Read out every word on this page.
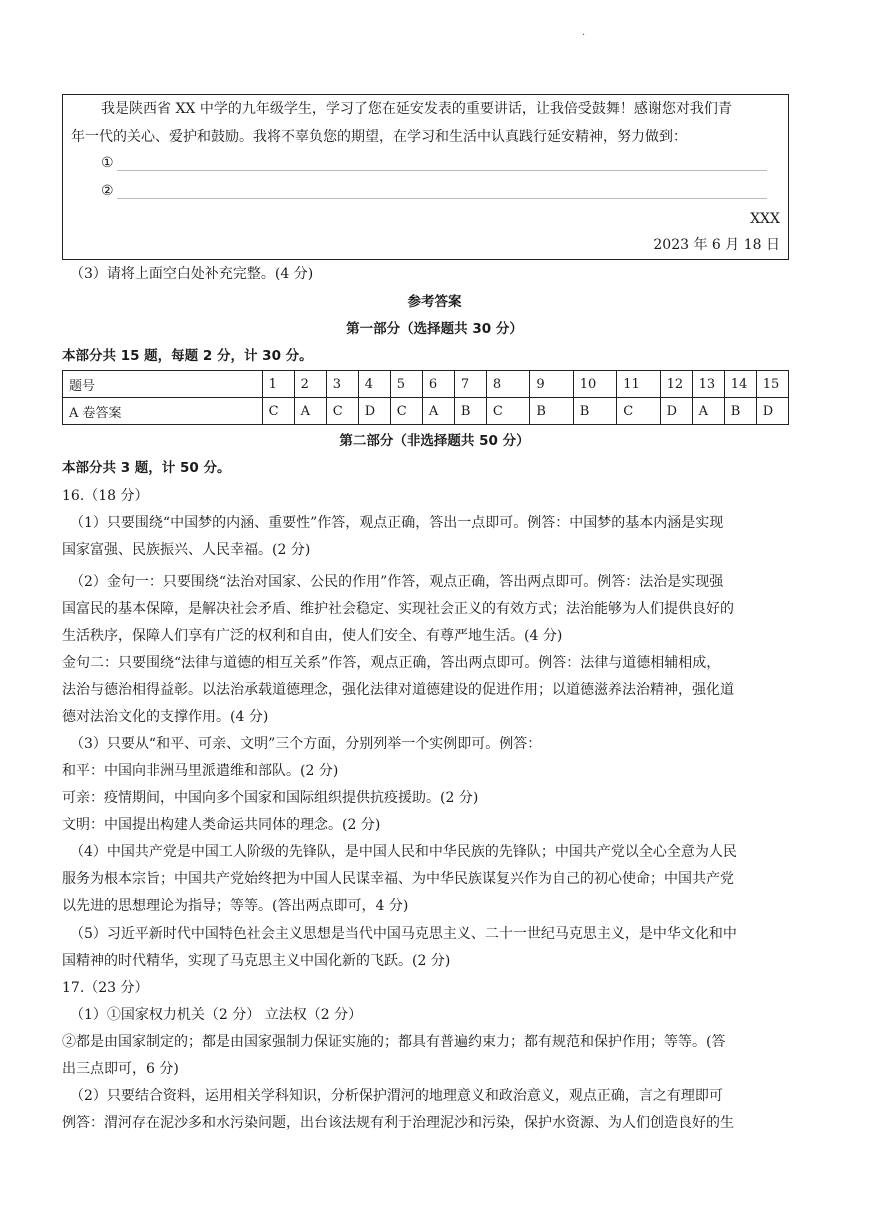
·
我是陕西省 XX 中学的九年级学生，学习了您在延安发表的重要讲话，让我倍受鼓舞！感谢您对我们青
年一代的关心、爱护和鼓励。我将不辜负您的期望，在学习和生活中认真践行延安精神，努力做到：
①
②
XXX
2023 年 6 月 18 日
（3）请将上面空白处补充完整。(4 分)
参考答案
第一部分（选择题共 30 分）
本部分共 15 题，每题 2 分，计 30 分。
题号	1	2	3	4	5	6	7	8	9	10	11	12	13	14	15
A 卷答案	C	A	C	D	C	A	B	C	B	B	C	D	A	B	D
第二部分（非选择题共 50 分）
本部分共 3 题，计 50 分。
16.（18 分）
（1）只要围绕“中国梦的内涵、重要性”作答，观点正确，答出一点即可。例答：中国梦的基本内涵是实现
国家富强、民族振兴、人民幸福。(2 分)
（2）金句一：只要围绕“法治对国家、公民的作用”作答，观点正确，答出两点即可。例答：法治是实现强
国富民的基本保障，是解决社会矛盾、维护社会稳定、实现社会正义的有效方式；法治能够为人们提供良好的
生活秩序，保障人们享有广泛的权利和自由，使人们安全、有尊严地生活。(4 分)
金句二：只要围绕“法律与道德的相互关系”作答，观点正确，答出两点即可。例答：法律与道德相辅相成，
法治与德治相得益彰。以法治承载道德理念，强化法律对道德建设的促进作用；以道德滋养法治精神，强化道
德对法治文化的支撑作用。(4 分)
（3）只要从“和平、可亲、文明”三个方面，分别列举一个实例即可。例答：
和平：中国向非洲马里派遣维和部队。(2 分)
可亲：疫情期间，中国向多个国家和国际组织提供抗疫援助。(2 分)
文明：中国提出构建人类命运共同体的理念。(2 分)
（4）中国共产党是中国工人阶级的先锋队，是中国人民和中华民族的先锋队；中国共产党以全心全意为人民
服务为根本宗旨；中国共产党始终把为中国人民谋幸福、为中华民族谋复兴作为自己的初心使命；中国共产党
以先进的思想理论为指导；等等。(答出两点即可，4 分)
（5）习近平新时代中国特色社会主义思想是当代中国马克思主义、二十一世纪马克思主义，是中华文化和中
国精神的时代精华，实现了马克思主义中国化新的飞跃。(2 分)
17.（23 分）
（1）①国家权力机关（2 分） 立法权（2 分）
②都是由国家制定的；都是由国家强制力保证实施的；都具有普遍约束力；都有规范和保护作用；等等。(答
出三点即可，6 分)
（2）只要结合资料，运用相关学科知识，分析保护渭河的地理意义和政治意义，观点正确，言之有理即可
例答：渭河存在泥沙多和水污染问题，出台该法规有利于治理泥沙和污染，保护水资源、为人们创造良好的生
